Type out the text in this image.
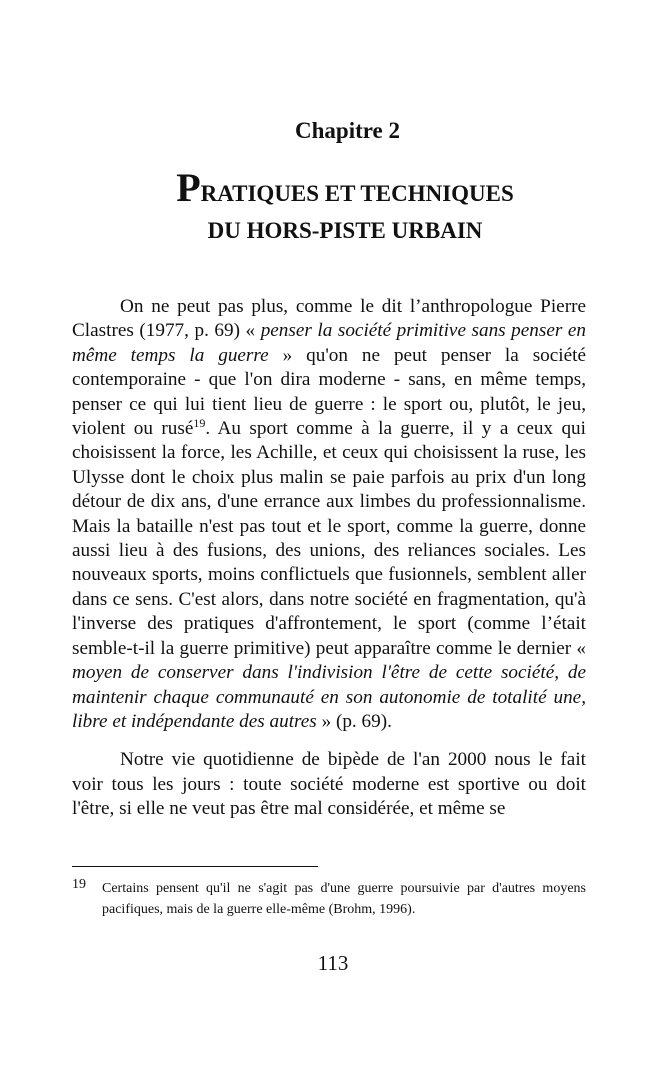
Chapitre 2
PRATIQUES ET TECHNIQUES
DU HORS-PISTE URBAIN

On ne peut pas plus, comme le dit l’anthropologue Pierre Clastres (1977, p. 69) « penser la société primitive sans penser en même temps la guerre » qu'on ne peut penser la société contemporaine - que l'on dira moderne - sans, en même temps, penser ce qui lui tient lieu de guerre : le sport ou, plutôt, le jeu, violent ou rusé$^{19}$. Au sport comme à la guerre, il y a ceux qui choisissent la force, les Achille, et ceux qui choisissent la ruse, les Ulysse dont le choix plus malin se paie parfois au prix d'un long détour de dix ans, d'une errance aux limbes du professionnalisme. Mais la bataille n'est pas tout et le sport, comme la guerre, donne aussi lieu à des fusions, des unions, des reliances sociales. Les nouveaux sports, moins conflictuels que fusionnels, semblent aller dans ce sens. C'est alors, dans notre société en fragmentation, qu'à l'inverse des pratiques d'affrontement, le sport (comme l’était semble-t-il la guerre primitive) peut apparaître comme le dernier « moyen de conserver dans l'indivision l'être de cette société, de maintenir chaque communauté en son autonomie de totalité une, libre et indépendante des autres » (p. 69).

Notre vie quotidienne de bipède de l'an 2000 nous le fait voir tous les jours : toute société moderne est sportive ou doit l'être, si elle ne veut pas être mal considérée, et même se

19 Certains pensent qu'il ne s'agit pas d'une guerre poursuivie par d'autres moyens pacifiques, mais de la guerre elle-même (Brohm, 1996).
113
